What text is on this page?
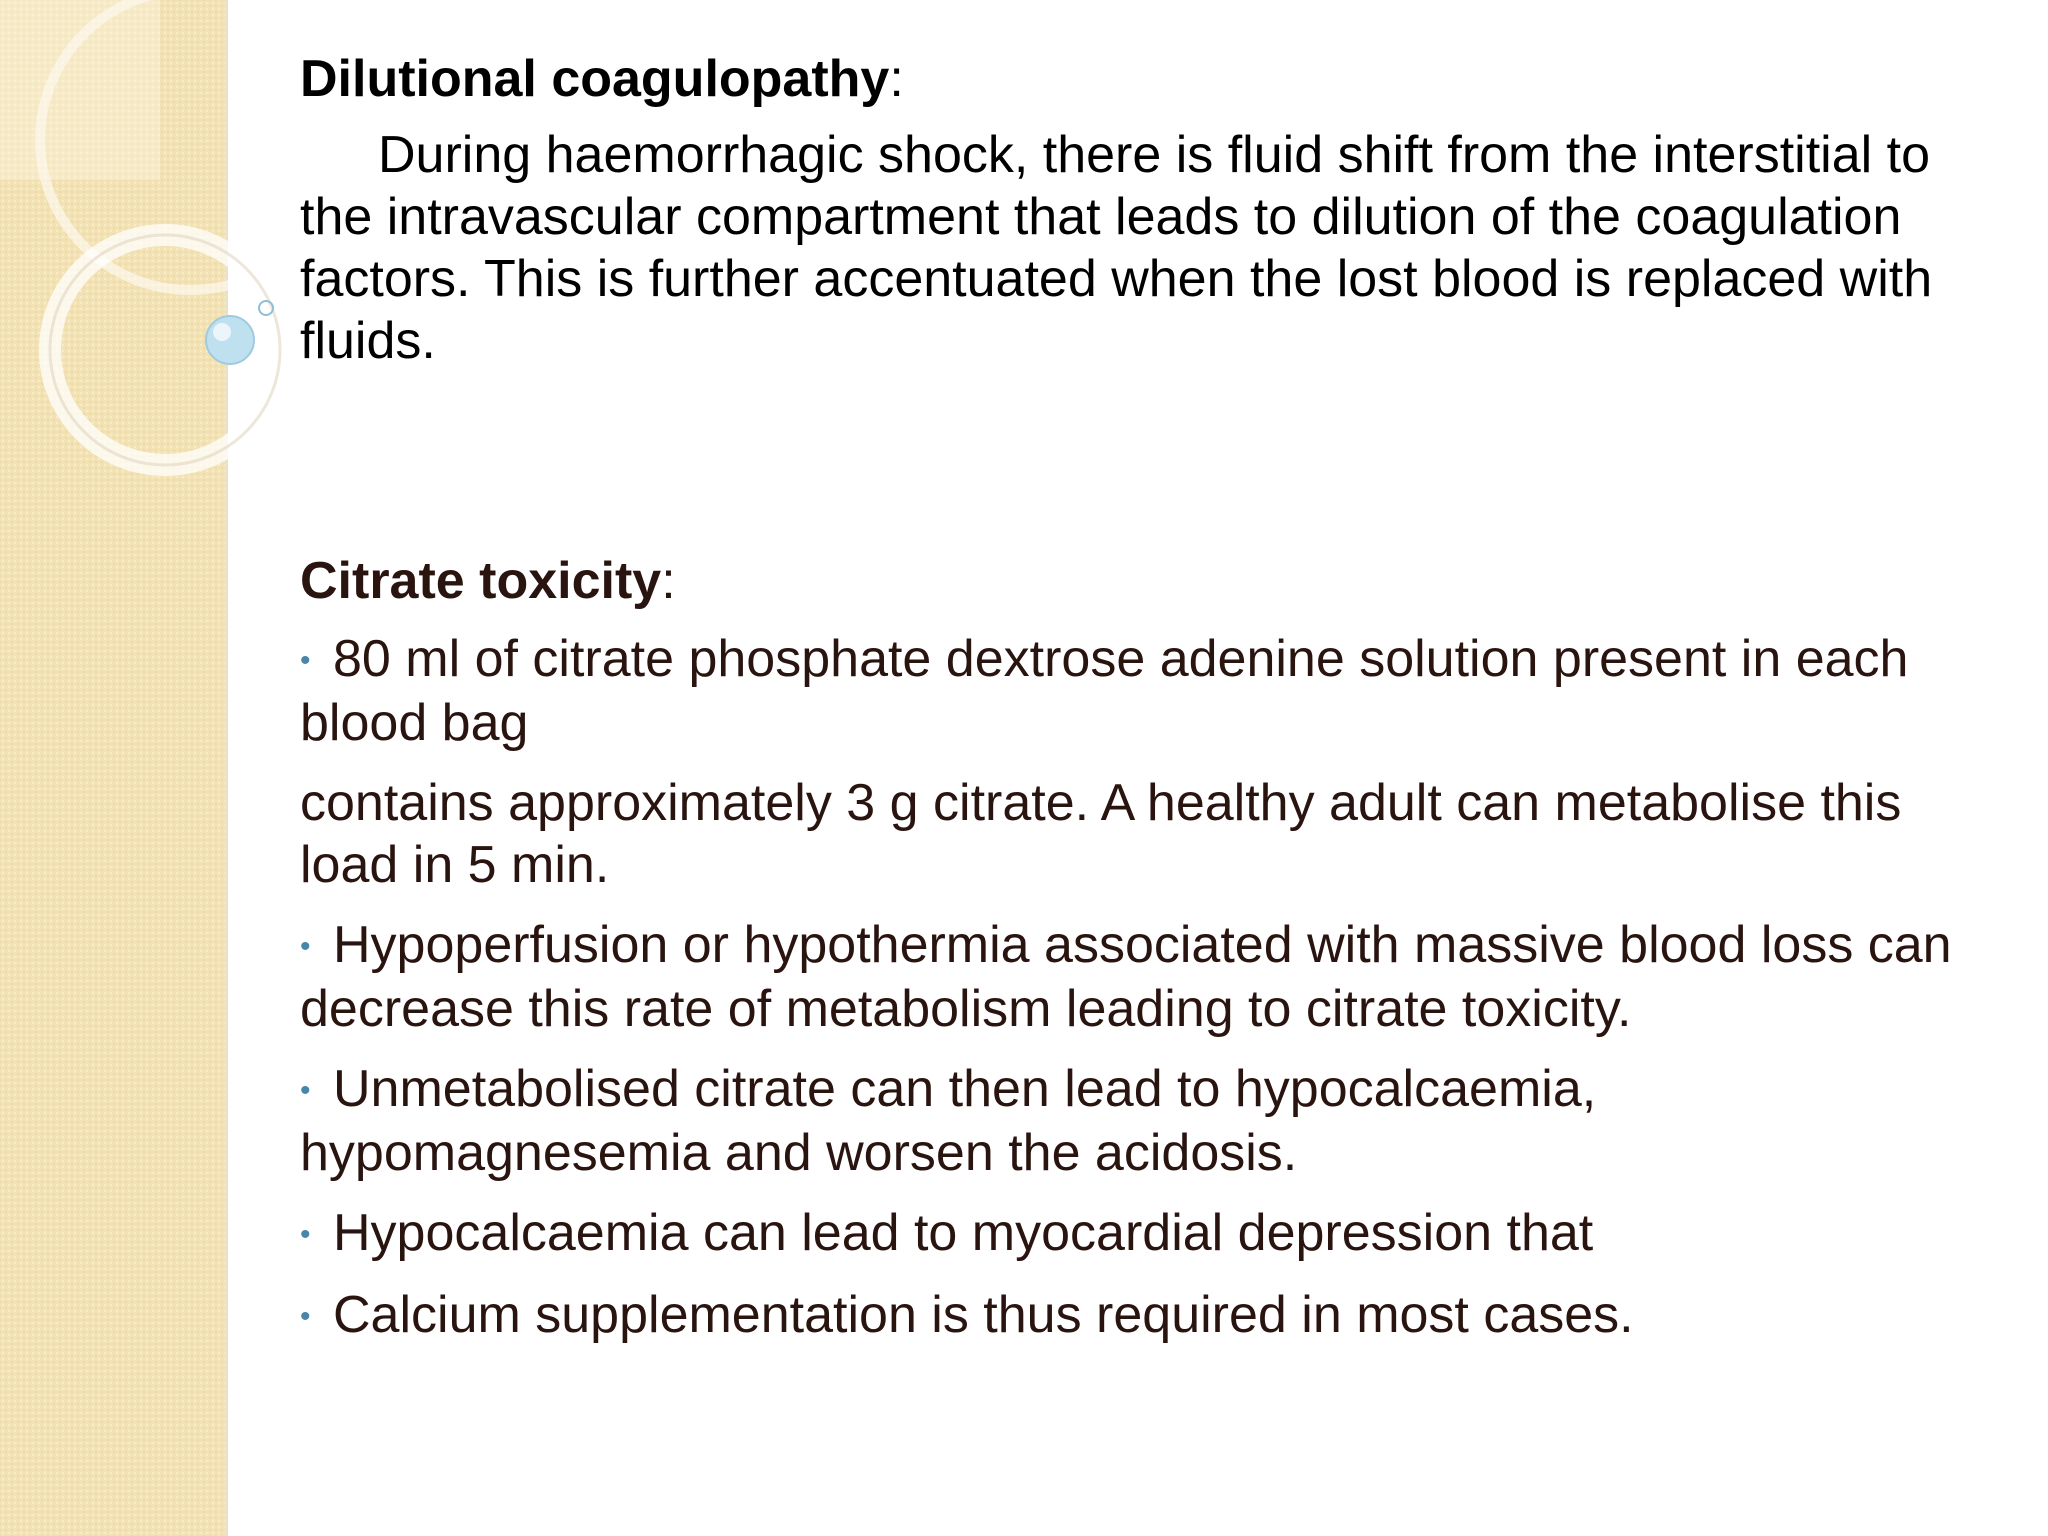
Dilutional coagulopathy:

During haemorrhagic shock, there is fluid shift from the interstitial to the intravascular compartment that leads to dilution of the coagulation factors. This is further accentuated when the lost blood is replaced with fluids.

Citrate toxicity:

• 80 ml of citrate phosphate dextrose adenine solution present in each blood bag

contains approximately 3 g citrate. A healthy adult can metabolise this load in 5 min.

• Hypoperfusion or hypothermia associated with massive blood loss can decrease this rate of metabolism leading to citrate toxicity.

• Unmetabolised citrate can then lead to hypocalcaemia, hypomagnesemia and worsen the acidosis.

• Hypocalcaemia can lead to myocardial depression that

• Calcium supplementation is thus required in most cases.
